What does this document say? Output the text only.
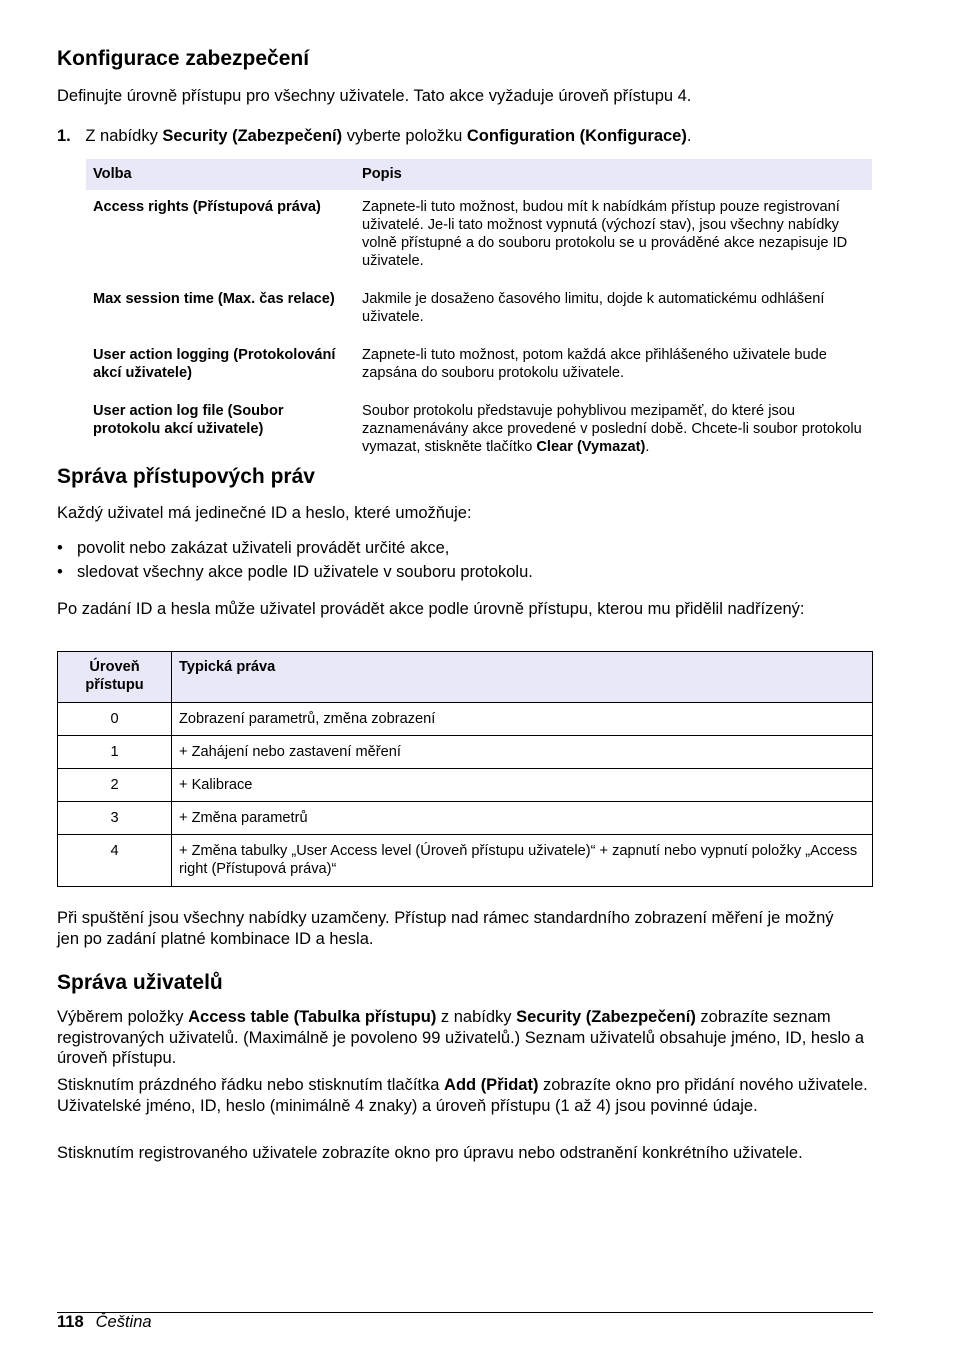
Konfigurace zabezpečení
Definujte úrovně přístupu pro všechny uživatele. Tato akce vyžaduje úroveň přístupu 4.
1. Z nabídky Security (Zabezpečení) vyberte položku Configuration (Konfigurace).
Volba	Popis
Access rights (Přístupová práva)	Zapnete-li tuto možnost, budou mít k nabídkám přístup pouze registrovaní uživatelé. Je-li tato možnost vypnutá (výchozí stav), jsou všechny nabídky volně přístupné a do souboru protokolu se u prováděné akce nezapisuje ID uživatele.
Max session time (Max. čas relace)	Jakmile je dosaženo časového limitu, dojde k automatickému odhlášení uživatele.
User action logging (Protokolování akcí uživatele)	Zapnete-li tuto možnost, potom každá akce přihlášeného uživatele bude zapsána do souboru protokolu uživatele.
User action log file (Soubor protokolu akcí uživatele)	Soubor protokolu představuje pohyblivou mezipaměť, do které jsou zaznamenávány akce provedené v poslední době. Chcete-li soubor protokolu vymazat, stiskněte tlačítko Clear (Vymazat).
Správa přístupových práv
Každý uživatel má jedinečné ID a heslo, které umožňuje:
• povolit nebo zakázat uživateli provádět určité akce,
• sledovat všechny akce podle ID uživatele v souboru protokolu.
Po zadání ID a hesla může uživatel provádět akce podle úrovně přístupu, kterou mu přidělil nadřízený:
Úroveň přístupu	Typická práva
0	Zobrazení parametrů, změna zobrazení
1	+ Zahájení nebo zastavení měření
2	+ Kalibrace
3	+ Změna parametrů
4	+ Změna tabulky „User Access level (Úroveň přístupu uživatele)“ + zapnutí nebo vypnutí položky „Access right (Přístupová práva)“
Při spuštění jsou všechny nabídky uzamčeny. Přístup nad rámec standardního zobrazení měření je možný jen po zadání platné kombinace ID a hesla.
Správa uživatelů
Výběrem položky Access table (Tabulka přístupu) z nabídky Security (Zabezpečení) zobrazíte seznam registrovaných uživatelů. (Maximálně je povoleno 99 uživatelů.) Seznam uživatelů obsahuje jméno, ID, heslo a úroveň přístupu.
Stisknutím prázdného řádku nebo stisknutím tlačítka Add (Přidat) zobrazíte okno pro přidání nového uživatele. Uživatelské jméno, ID, heslo (minimálně 4 znaky) a úroveň přístupu (1 až 4) jsou povinné údaje.
Stisknutím registrovaného uživatele zobrazíte okno pro úpravu nebo odstranění konkrétního uživatele.
118 Čeština
